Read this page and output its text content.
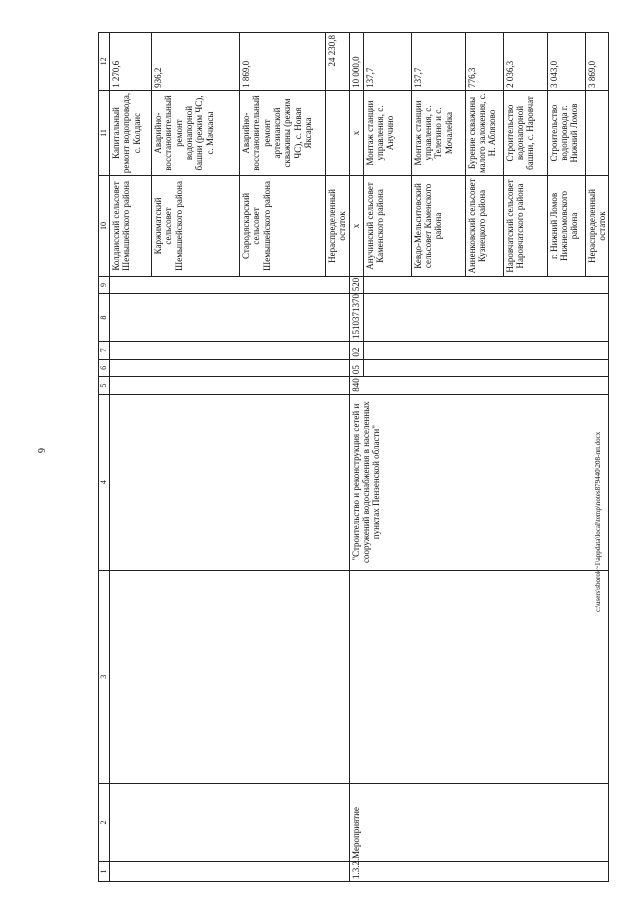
6	c:\users\sborok~1\appdata\local\temp\notes879440\208-пп.docx
1	2	3	4	5	6	7	8	9	10	11	12
									Колдаисский сельсовет Шемышейского района	Капитальный ремонт водопровода, с. Колдаис	1 270,6
									Каржиматский сельсовет Шемышейского района	Аварийно-восстановительный ремонт водонапорной башни (режим ЧС), с. Мачкасы	936,2
									Стародяскарский сельсовет Шемышейского района	Аварийно-восстановительный ремонт артезианской скважины (режим ЧС), с. Новая Яксарка	1 869,0
									Нераспределенный остаток		24 230,8
1.3.2.	Мероприятие		"Строительство и реконструкция сетей и сооружений водоснабжения в населенных пунктах Пензенской области"	840	05	02	1510371370	520	х	х	10 000,0
									Анучинский сельсовет Каменского района	Монтаж станции управления, с. Анучино	137,7
									Кевдо-Мельситовский сельсовет Каменского района	Монтаж станции управления, с. Телегино и с. Мочалейка	137,7
									Анненковский сельсовет Кузнецкого района	Бурение скважины малого заложения, с. Н. Аблязово	776,3
									Наровчатский сельсовет Наровчатского района	Строительство водонапорной башни, с. Наровчат	2 036,3
									г. Нижний Ломов Нижнеломовского района	Строительство водопровода г. Нижний Ломов	3 043,0
									Нераспределенный остаток		3 869,0
